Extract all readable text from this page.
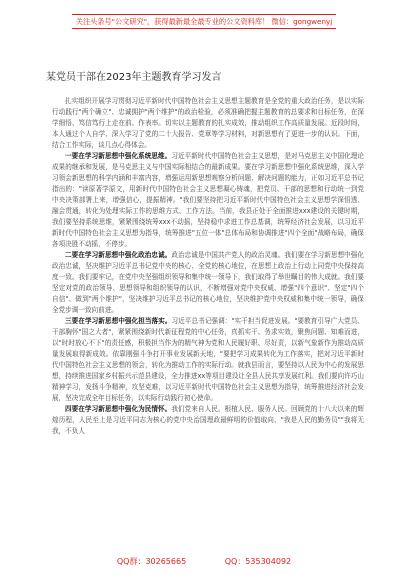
关注头条号"公文研究"，获得最新最全最专业的公文资料库！ 微信：gongwenyj
某党员干部在2023年主题教育学习发言

扎实组织开展学习贯彻习近平新时代中国特色社会主义思想主题教育是全党的重大政治任务，是以实际行动践行"两个确立"、忠诚拥护"两个维护"的政治检验，必须准确把握主题教育的总要求和目标任务，在深学细悟、笃信笃行上走在前、作表率。切实以主题教育的扎实成效，推动组织工作高质量发展。近段时间，本人通过个人自学、深入学习了党的二十大报告、党章等学习材料，对新思想有了更进一步的认识。下面，结合工作实际，谈几点心得体会。

一要在学习新思想中强化系统思维。习近平新时代中国特色社会主义思想，是对马克思主义中国化理论成果的继承和发展，是马克思主义与中国实际相结合的最新成果。要在学习新思想中强化系统思维，深入学习领会新思想的科学内涵和丰富内容，增强运用新思想观察分析问题、解决问题的能力，正如习近平总书记指出的："读原著学原文，用新时代中国特色社会主义思想凝心铸魂，把党员、干部的思想和行动统一到党中央决策部署上来，增强信心，提振精神。"我们要坚持把习近平新时代中国特色社会主义思想学深悟透、融会贯通，转化为处理实际工作的思维方式、工作方法。当前，我县正处于全面推进xxx建设的关键时期，我们要坚持系统思维，紧紧围绕统筹xxx不动摇，坚持稳中求进工作总基调，统筹经济社会发展，以习近平新时代中国特色社会主义思想为指导，统筹推进"五位一体"总体布局和协调推进"四个全面"战略布局，确保各项决胜不动摇，不停步。

二要在学习新思想中强化政治忠诚。政治忠诚是中国共产党人的政治灵魂。我们要在学习新思想中强化政治忠诚，坚决维护习近平总书记党中央的核心、全党的核心地位，在思想上政治上行动上同党中央保持高度一致。我们要牢记，在党中央坚强组织领导和集中统一领导下，我们取得了举世瞩目的伟大成就。我们要坚定对党的政治领导、思想领导和组织领导的认识，不断增强对党中央权威、增强"四个意识"、坚定"四个自信"、做到"两个维护"，坚决维护习近平总书记的核心地位，坚决维护党中央权威和集中统一领导，确保全党步调一致向前进。

三要在学习新思想中强化担当落实。习近平总书记强调："实干担当促进发展。"要教育引导广大党员、干部胸怀"国之大者"，紧紧围绕新时代新征程党的中心任务，真抓实干、务求实效，聚焦问题、知难而进，以"时时放心不下"的责任感，积极担当作为的精气神为党和人民履好职、尽好责，以新气象新作为推动高质量发展取得新成效。依靠刚强斗争打开事业发展新天地，"要把学习成果转化为工作落实，把对习近平新时代中国特色社会主义思想的领会，转化为推动工作的实际行动。就我县而言，要坚持以人民为中心的发展思想，持续推进国家乡村振兴示范县建设，全力推进xx等项目建设让全县人民共享发展红利。我们要向许巧山精神学习，发扬斗争精神，攻坚克难，以习近平新时代中国特色社会主义思想为指导，统筹推进经济社会发展，坚决完成全年目标任务，以实际行动践行初心使命。

四要在学习新思想中强化为民情怀。我们党来自人民、根植人民、服务人民。回顾党的十八大以来的辉煌历程，人民至上是习近平同志为核心的党中央治国理政最鲜明的价值取向、"我是人民的勤务员""我将无我，不负人

QQ群：30265665	QQ：535304092
